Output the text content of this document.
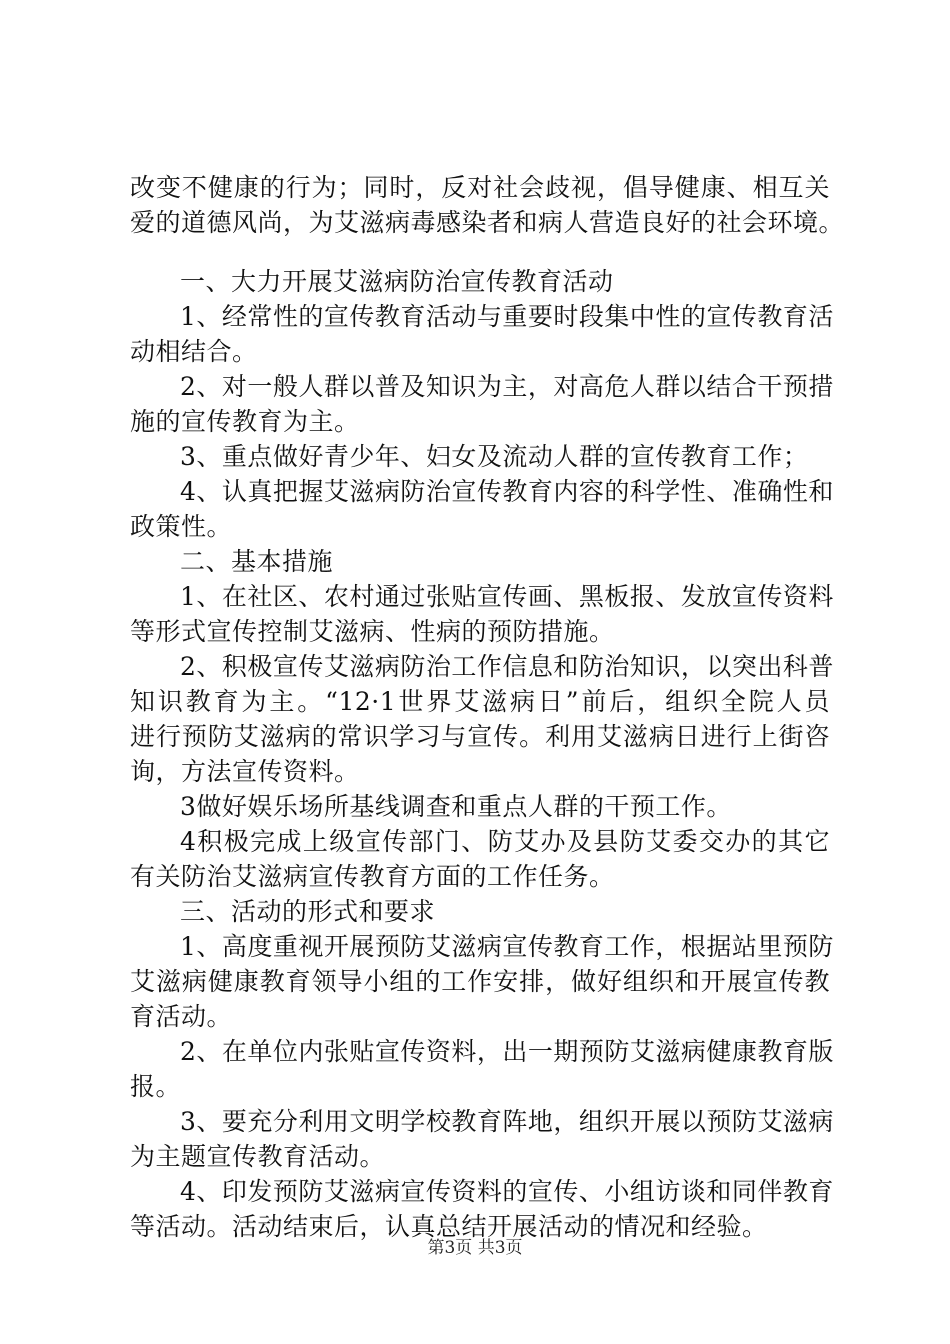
改变不健康的行为；同时，反对社会歧视，倡导健康、相互关
爱的道德风尚，为艾滋病毒感染者和病人营造良好的社会环境。
一、大力开展艾滋病防治宣传教育活动
1、经常性的宣传教育活动与重要时段集中性的宣传教育活
动相结合。
2、对一般人群以普及知识为主，对高危人群以结合干预措
施的宣传教育为主。
3、重点做好青少年、妇女及流动人群的宣传教育工作；
4、认真把握艾滋病防治宣传教育内容的科学性、准确性和
政策性。
二、基本措施
1、在社区、农村通过张贴宣传画、黑板报、发放宣传资料
等形式宣传控制艾滋病、性病的预防措施。
2、积极宣传艾滋病防治工作信息和防治知识，以突出科普
知识教育为主。“12·1世界艾滋病日”前后，组织全院人员
进行预防艾滋病的常识学习与宣传。利用艾滋病日进行上街咨
询，方法宣传资料。
3做好娱乐场所基线调查和重点人群的干预工作。
4积极完成上级宣传部门、防艾办及县防艾委交办的其它
有关防治艾滋病宣传教育方面的工作任务。
三、活动的形式和要求
1、高度重视开展预防艾滋病宣传教育工作，根据站里预防
艾滋病健康教育领导小组的工作安排，做好组织和开展宣传教
育活动。
2、在单位内张贴宣传资料，出一期预防艾滋病健康教育版
报。
3、要充分利用文明学校教育阵地，组织开展以预防艾滋病
为主题宣传教育活动。
4、印发预防艾滋病宣传资料的宣传、小组访谈和同伴教育
等活动。活动结束后，认真总结开展活动的情况和经验。
第3页 共3页
